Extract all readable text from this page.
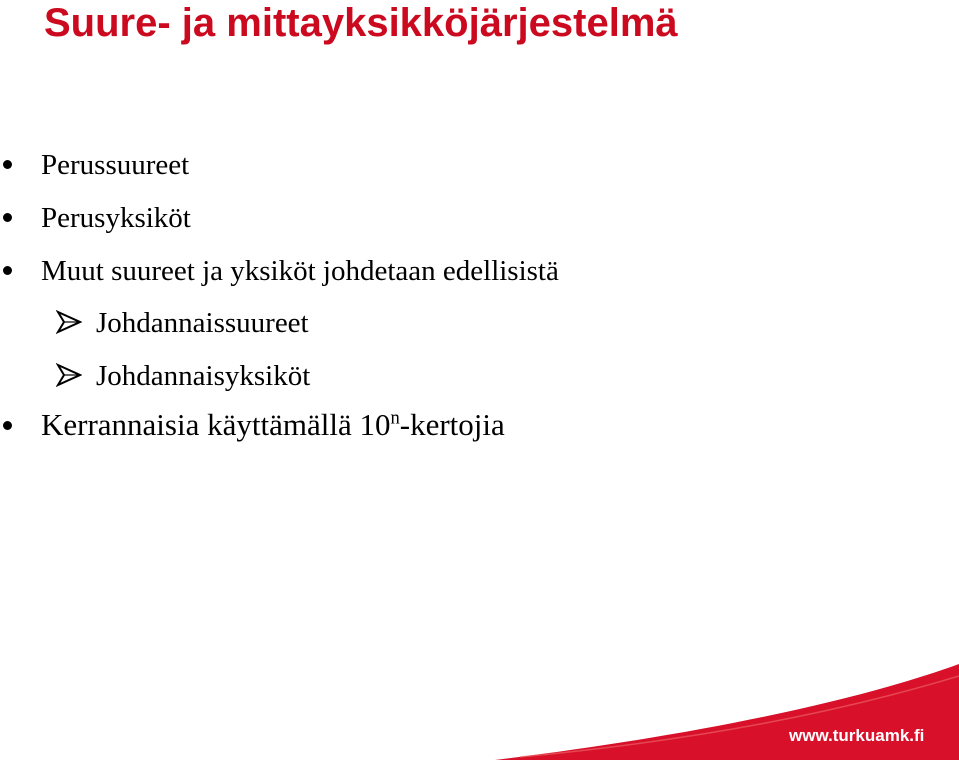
Suure- ja mittayksikköjärjestelmä
Perussuureet
Perusyksiköt
Muut suureet ja yksiköt johdetaan edellisistä
Johdannaissuureet
Johdannaisyksiköt
Kerrannaisia käyttämällä 10$^n$-kertojia
www.turkuamk.fi
